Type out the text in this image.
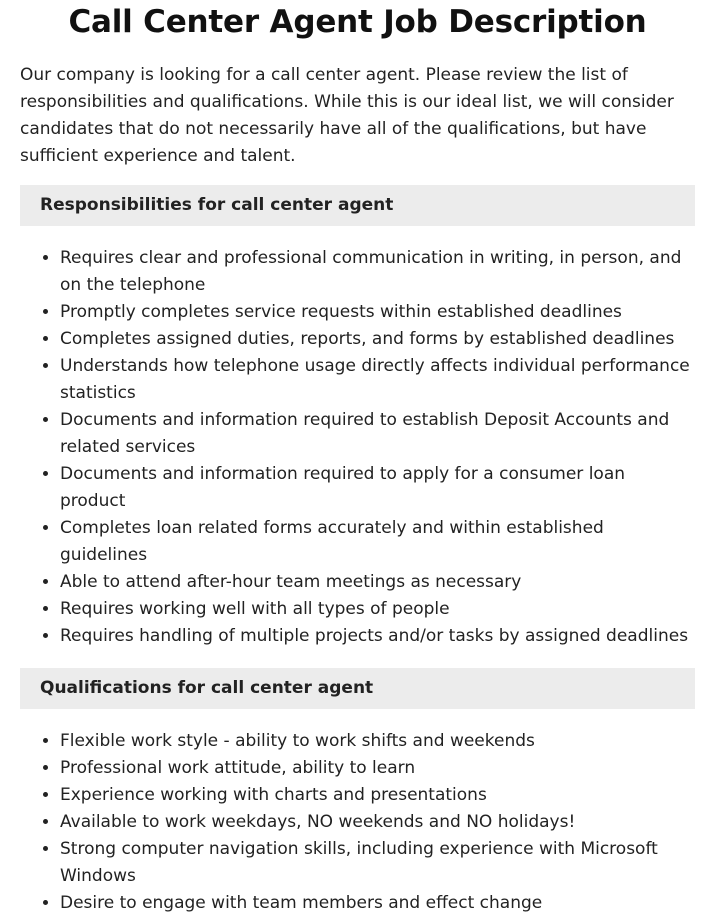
Call Center Agent Job Description

Our company is looking for a call center agent. Please review the list of responsibilities and qualifications. While this is our ideal list, we will consider candidates that do not necessarily have all of the qualifications, but have sufficient experience and talent.

Responsibilities for call center agent
• Requires clear and professional communication in writing, in person, and on the telephone
• Promptly completes service requests within established deadlines
• Completes assigned duties, reports, and forms by established deadlines
• Understands how telephone usage directly affects individual performance statistics
• Documents and information required to establish Deposit Accounts and related services
• Documents and information required to apply for a consumer loan product
• Completes loan related forms accurately and within established guidelines
• Able to attend after-hour team meetings as necessary
• Requires working well with all types of people
• Requires handling of multiple projects and/or tasks by assigned deadlines
Qualifications for call center agent
• Flexible work style - ability to work shifts and weekends
• Professional work attitude, ability to learn
• Experience working with charts and presentations
• Available to work weekdays, NO weekends and NO holidays!
• Strong computer navigation skills, including experience with Microsoft Windows
• Desire to engage with team members and effect change
